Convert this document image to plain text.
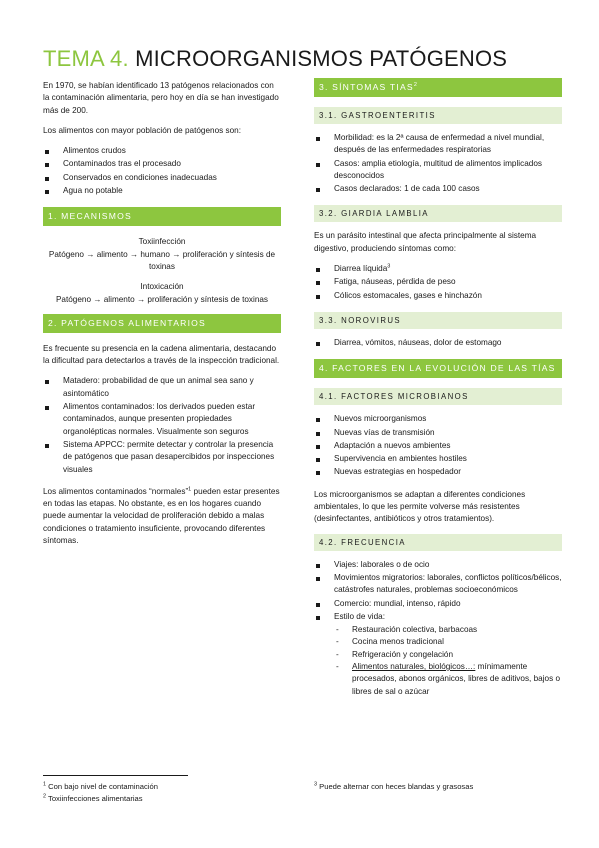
TEMA 4. MICROORGANISMOS PATÓGENOS

En 1970, se habían identificado 13 patógenos relacionados con la contaminación alimentaria, pero hoy en día se han investigado más de 200.

Los alimentos con mayor población de patógenos son:

Alimentos crudos
Contaminados tras el procesado
Conservados en condiciones inadecuadas
Agua no potable
1. MECANISMOS

Toxiinfección

Patógeno → alimento → humano → proliferación y síntesis de toxinas

Intoxicación

Patógeno → alimento → proliferación y síntesis de toxinas

2. PATÓGENOS ALIMENTARIOS

Es frecuente su presencia en la cadena alimentaria, destacando la dificultad para detectarlos a través de la inspección tradicional.

Matadero: probabilidad de que un animal sea sano y asintomático
Alimentos contaminados: los derivados pueden estar contaminados, aunque presenten propiedades organolépticas normales. Visualmente son seguros
Sistema APPCC: permite detectar y controlar la presencia de patógenos que pasan desapercibidos por inspecciones visuales

Los alimentos contaminados “normales”$^1$ pueden estar presentes en todas las etapas. No obstante, es en los hogares cuando puede aumentar la velocidad de proliferación debido a malas condiciones o tratamiento insuficiente, provocando diferentes síntomas.

3. SÍNTOMAS TIAS$^2$
3.1. GASTROENTERITIS
Morbilidad: es la 2ª causa de enfermedad a nivel mundial, después de las enfermedades respiratorias
Casos: amplia etiología, multitud de alimentos implicados desconocidos
Casos declarados: 1 de cada 100 casos
3.2. GIARDIA LAMBLIA

Es un parásito intestinal que afecta principalmente al sistema digestivo, produciendo síntomas como:

Diarrea líquida$^3$
Fatiga, náuseas, pérdida de peso
Cólicos estomacales, gases e hinchazón
3.3. NOROVIRUS
Diarrea, vómitos, náuseas, dolor de estomago
4. FACTORES EN LA EVOLUCIÓN DE LAS TÍAS
4.1. FACTORES MICROBIANOS
Nuevos microorganismos
Nuevas vías de transmisión
Adaptación a nuevos ambientes
Supervivencia en ambientes hostiles
Nuevas estrategias en hospedador

Los microorganismos se adaptan a diferentes condiciones ambientales, lo que les permite volverse más resistentes (desinfectantes, antibióticos y otros tratamientos).

4.2. FRECUENCIA
Viajes: laborales o de ocio
Movimientos migratorios: laborales, conflictos políticos/bélicos, catástrofes naturales, problemas socioeconómicos
Comercio: mundial, intenso, rápido
Estilo de vida:
- Restauración colectiva, barbacoas
- Cocina menos tradicional
- Refrigeración y congelación
- Alimentos naturales, biológicos…: mínimamente procesados, abonos orgánicos, libres de aditivos, bajos o libres de sal o azúcar
$^1$ Con bajo nivel de contaminación
$^2$ Toxiinfecciones alimentarias
$^3$ Puede alternar con heces blandas y grasosas
